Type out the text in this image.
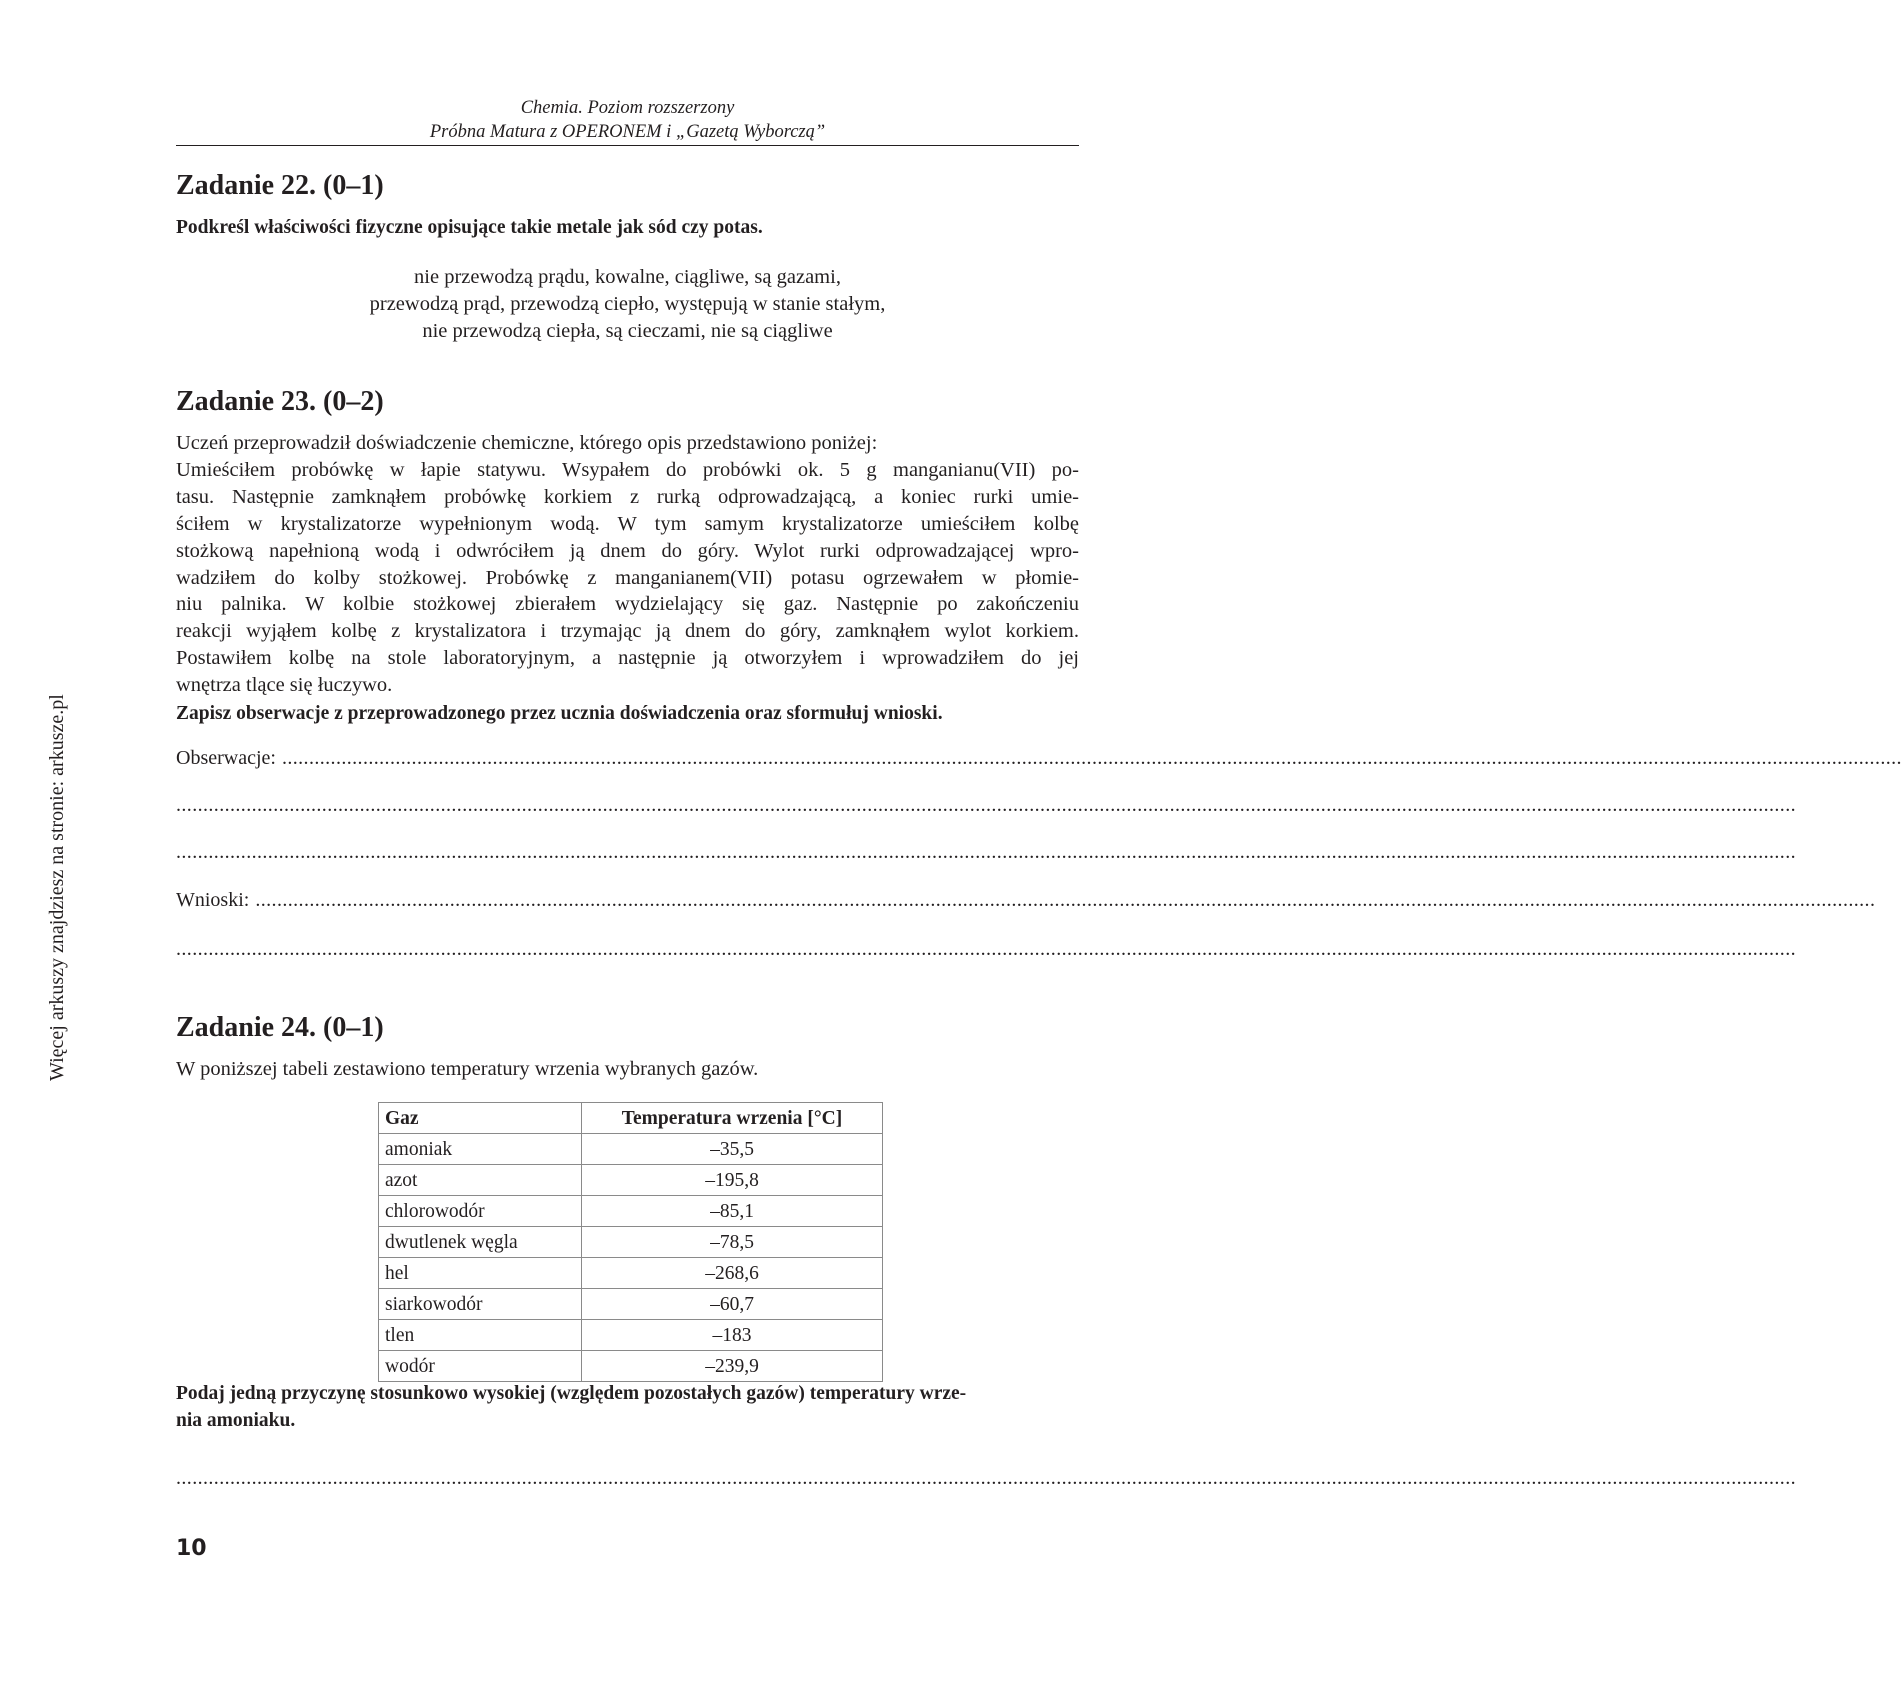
Chemia. Poziom rozszerzony
Próbna Matura z OPERONEM i „Gazetą Wyborczą”
Więcej arkuszy znajdziesz na stronie: arkusze.pl
Zadanie 22. (0–1)
Podkreśl właściwości fizyczne opisujące takie metale jak sód czy potas.
nie przewodzą prądu, kowalne, ciągliwe, są gazami,
przewodzą prąd, przewodzą ciepło, występują w stanie stałym,
nie przewodzą ciepła, są cieczami, nie są ciągliwe
Zadanie 23. (0–2)
Uczeń przeprowadził doświadczenie chemiczne, którego opis przedstawiono poniżej:
Umieściłem probówkę w łapie statywu. Wsypałem do probówki ok. 5 g manganianu(VII) po-
tasu. Następnie zamknąłem probówkę korkiem z rurką odprowadzającą, a koniec rurki umie-
ściłem w krystalizatorze wypełnionym wodą. W tym samym krystalizatorze umieściłem kolbę
stożkową napełnioną wodą i odwróciłem ją dnem do góry. Wylot rurki odprowadzającej wpro-
wadziłem do kolby stożkowej. Probówkę z manganianem(VII) potasu ogrzewałem w płomie-
niu palnika. W kolbie stożkowej zbierałem wydzielający się gaz. Następnie po zakończeniu
reakcji wyjąłem kolbę z krystalizatora i trzymając ją dnem do góry, zamknąłem wylot korkiem.
Postawiłem kolbę na stole laboratoryjnym, a następnie ją otworzyłem i wprowadziłem do jej
wnętrza tlące się łuczywo.
Zapisz obserwacje z przeprowadzonego przez ucznia doświadczenia oraz sformułuj wnioski.
Obserwacje: ............................................................................................................................................................................................................................................................................................................
............................................................................................................................................................................................................................................................................................................
............................................................................................................................................................................................................................................................................................................
Wnioski: ............................................................................................................................................................................................................................................................................................................
............................................................................................................................................................................................................................................................................................................
Zadanie 24. (0–1)
W poniższej tabeli zestawiono temperatury wrzenia wybranych gazów.
Gaz	Temperatura wrzenia [°C]
amoniak	–35,5
azot	–195,8
chlorowodór	–85,1
dwutlenek węgla	–78,5
hel	–268,6
siarkowodór	–60,7
tlen	–183
wodór	–239,9
Podaj jedną przyczynę stosunkowo wysokiej (względem pozostałych gazów) temperatury wrze-
nia amoniaku.
............................................................................................................................................................................................................................................................................................................
10
